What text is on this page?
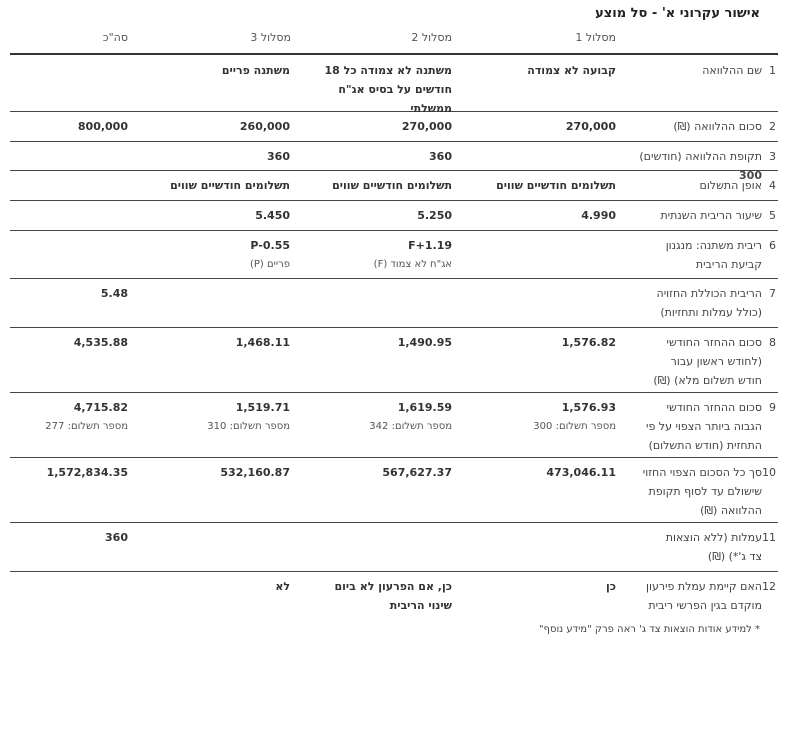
אישור עקרוני א' - סל מוצע
מסלול 1
מסלול 2
מסלול 3
סה"כ
* למידע אודות הוצאות צד ג' ראה פרק "מידע נוסף"
1
שם ההלוואה
קבועה לא צמודה
משתנה לא צמודה כל 18
חודשים על בסיס אג"ח
ממשלתי
משתנה פריים
2
סכום ההלוואה (₪)
270,000
270,000
260,000
800,000
3
תקופת ההלוואה (חודשים) 300
360
360
4
אופן התשלום
תשלומים חודשיים שווים
תשלומים חודשיים שווים
תשלומים חודשיים שווים
5
שיעור הריבית השנתית
4.990
5.250
5.450
6
ריבית משתנה: מנגנון
קביעת הריבית
F+1.19
אג"ח לא צמוד (F)
P-0.55
פריים (P)
7
הריבית הכוללת החזויה
(כולל עמלות ותחזיות)
5.48
8
סכום ההחזר החודשי
(לחודש ראשון עבור
חודש תשלום מלא) (₪)
1,576.82
1,490.95
1,468.11
4,535.88
9
סכום ההחזר החודשי
הגבוה ביותר הצפוי על פי
התחזית (חודש התשלום)
1,576.93
מספר תשלום: 300
1,619.59
מספר תשלום: 342
1,519.71
מספר תשלום: 310
4,715.82
מספר תשלום: 277
10
סך כל הסכום הצפוי החזוי
שישולם עד לסוף תקופת
ההלוואה (₪)
473,046.11
567,627.37
532,160.87
1,572,834.35
11
עמלות (ללא הוצאות
צד ג'*) (₪)
360
12
האם קיימת עמלת פירעון
מוקדם בגין הפרשי ריבית
כן
כן, אם הפרעון לא ביום
שינוי הריבית
לא
